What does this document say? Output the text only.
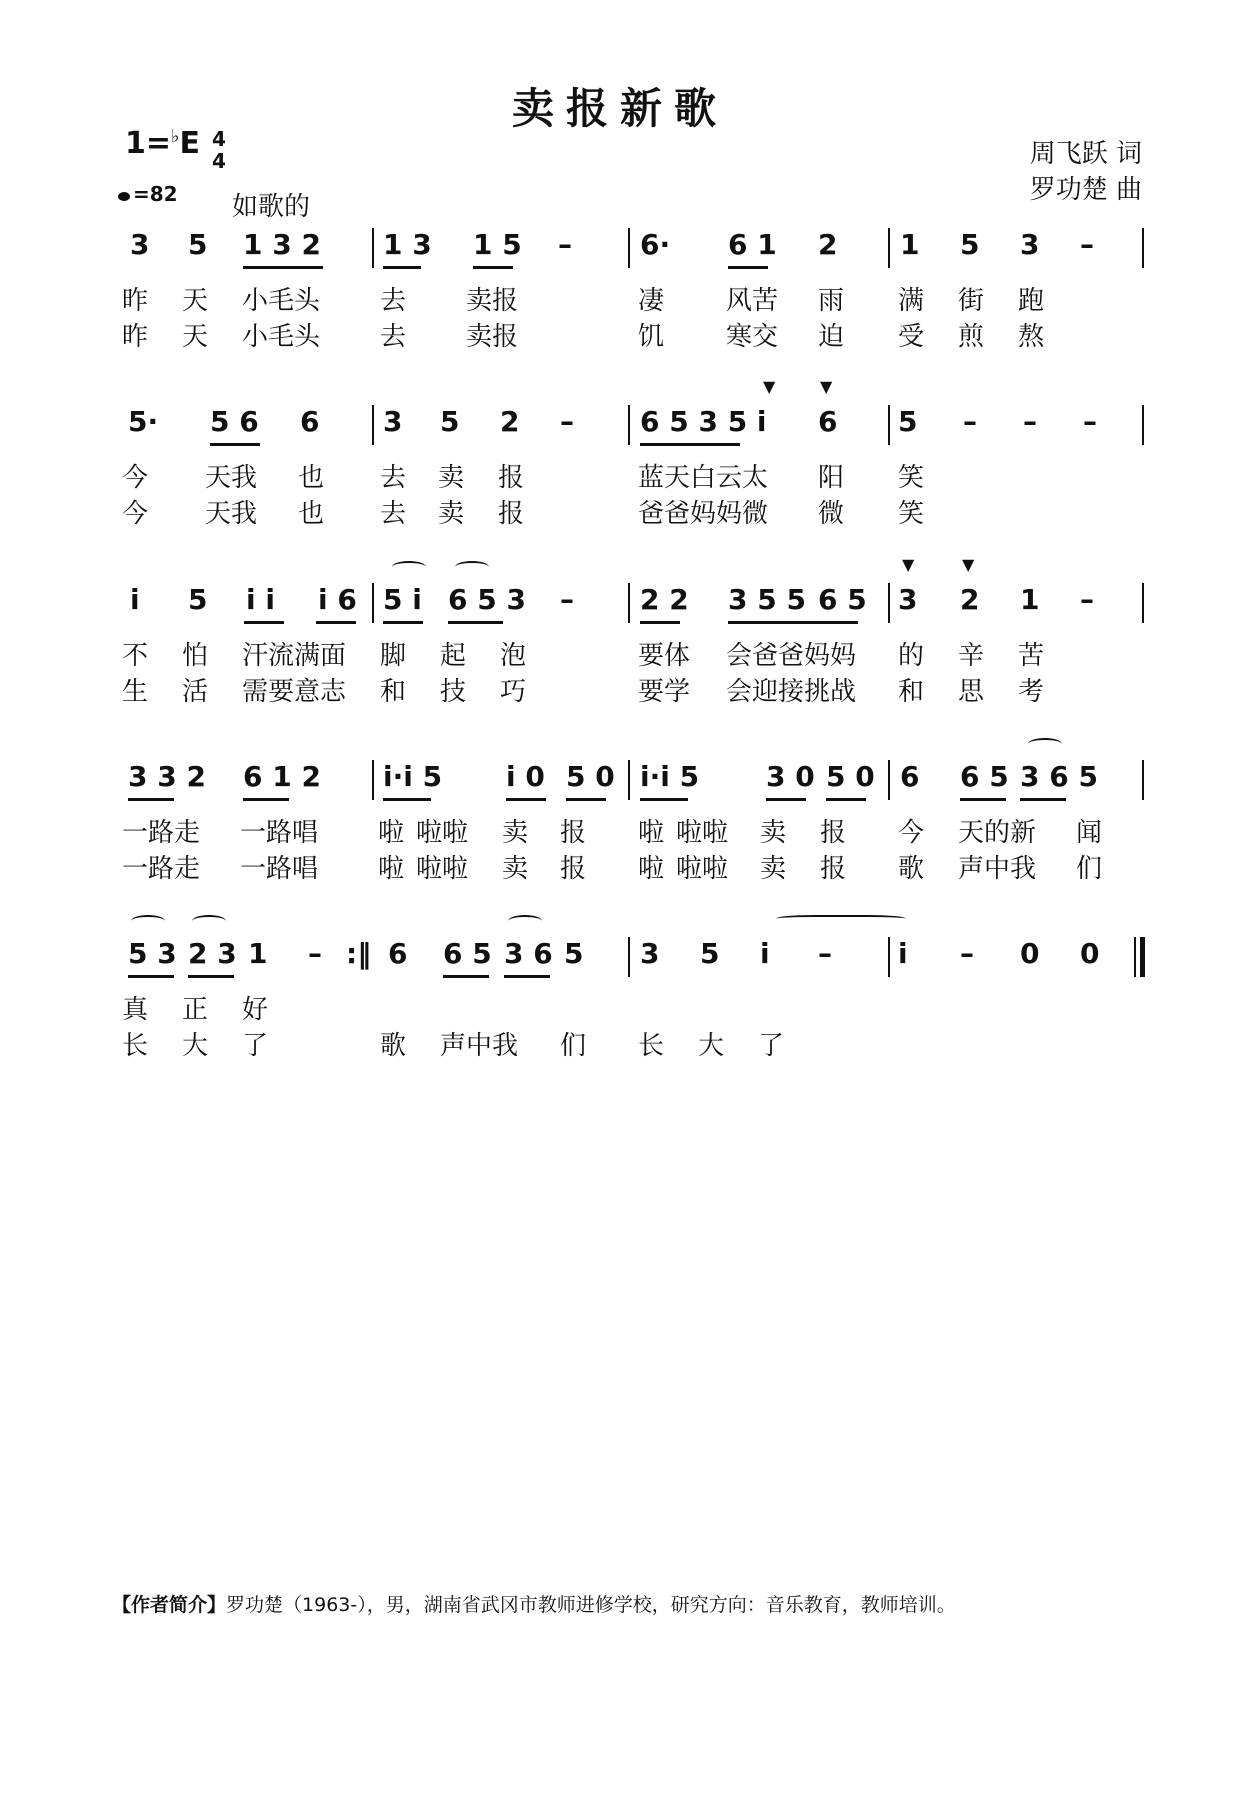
卖报新歌
1=♭E 4
4
=82 如歌的
周飞跃 词
罗功楚 曲
3 5 1 3 2 1 3 1 5 – 6· 6 1 2 1 5 3 –
昨 天 小毛头 去 卖报	凄 风苦 雨 满 街 跑
昨 天 小毛头 去 卖报	饥 寒交 迫 受 煎 熬
5· 5 6 6 3 5 2 – 6 5 3 5 i 6 5 – – –
▼	▼
今 天我 也 去 卖 报	蓝天白云太 阳 笑
今 天我 也 去 卖 报	爸爸妈妈微 微 笑
i 5 i i i 6 5 i 6 5 3 – 2 2 3 5 5 6 5 3 2 1 –
▼	▼
不 怕 汗流满面 脚 起 泡	要体 会爸爸妈妈 的 辛 苦
生 活 需要意志 和 技 巧	要学 会迎接挑战 和 思 考
3 3 2 6 1 2 i·i 5 i 0 5 0 i·i 5 3 0 5 0 6 6 5 3 6 5
一路走 一路唱 啦 啦啦 卖 报 啦 啦啦 卖 报 今 天的新 闻
一路走 一路唱 啦 啦啦 卖 报 啦 啦啦 卖 报 歌 声中我 们
5 3 2 3 1 – :‖ 6 6 5 3 6 5 3 5 i – i – 0 0
真 正 好
长 大 了	歌 声中我 们 长 大 了
【作者简介】罗功楚（1963-），男，湖南省武冈市教师进修学校，研究方向：音乐教育，教师培训。
